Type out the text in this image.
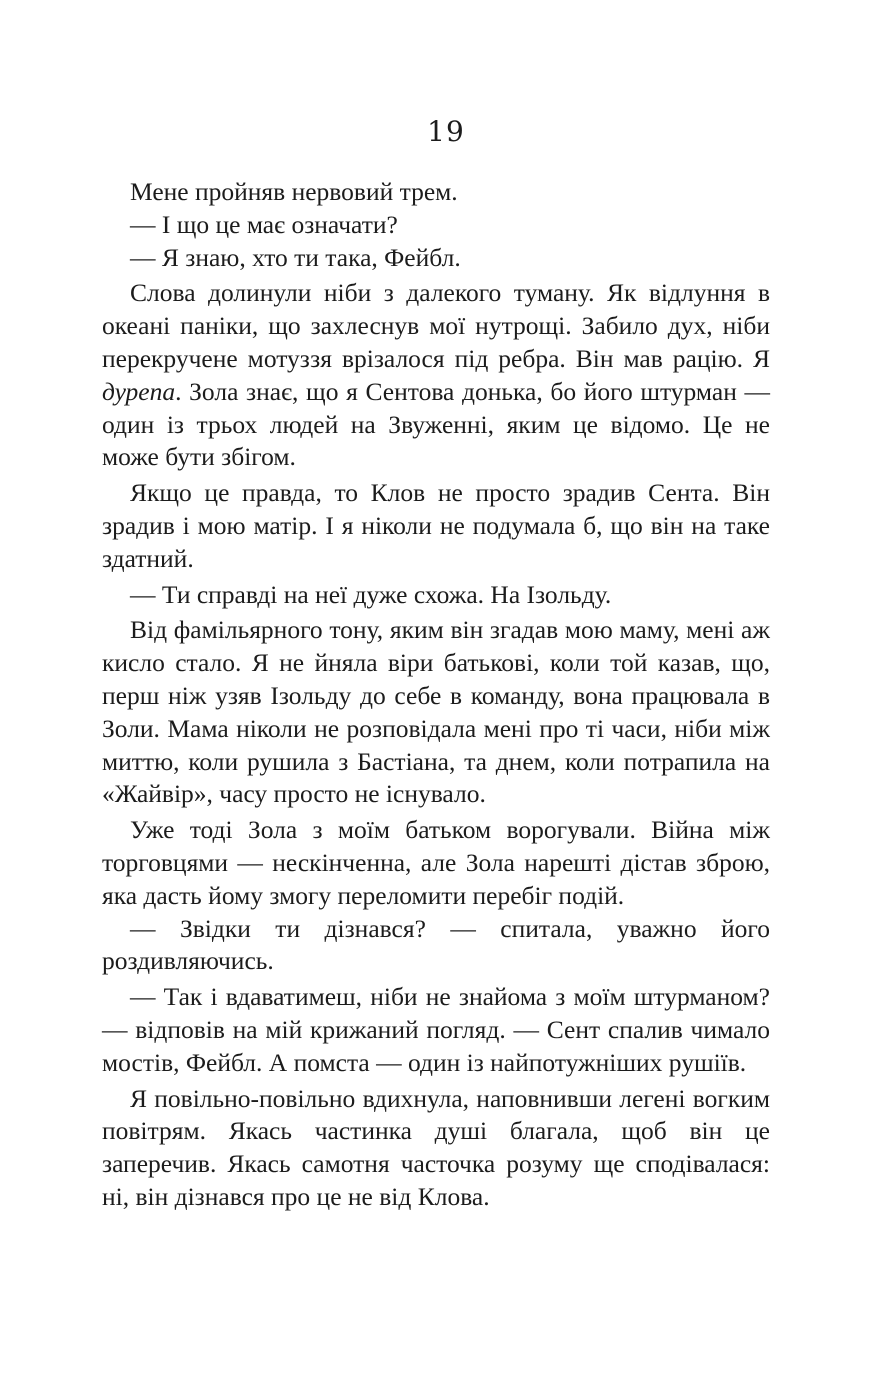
19

Мене пройняв нервовий трем.

— І що це має означати?

— Я знаю, хто ти така, Фейбл.

Слова долинули ніби з далекого туману. Як відлуння в океані паніки, що захлеснув мої нутрощі. Забило дух, ніби перекручене мотуззя врізалося під ребра. Він мав рацію. Я дурепа. Зола знає, що я Сентова донька, бо його штурман — один із трьох людей на Звуженні, яким це відомо. Це не може бути збігом.

Якщо це правда, то Клов не просто зрадив Сента. Він зрадив і мою матір. І я ніколи не подумала б, що він на таке здатний.

— Ти справді на неї дуже схожа. На Ізольду.

Від фамільярного тону, яким він згадав мою маму, мені аж кисло стало. Я не йняла віри батькові, коли той казав, що, перш ніж узяв Ізольду до себе в команду, вона працювала в Золи. Мама ніколи не розповідала мені про ті часи, ніби між миттю, коли рушила з Бастіана, та днем, коли потрапила на «Жайвір», часу просто не існувало.

Уже тоді Зола з моїм батьком ворогували. Війна між торговцями — нескінченна, але Зола нарешті дістав зброю, яка дасть йому змогу переломити перебіг подій.

— Звідки ти дізнався? — спитала, уважно його роздивляючись.

— Так і вдаватимеш, ніби не знайома з моїм штурманом? — відповів на мій крижаний погляд. — Сент спалив чимало мостів, Фейбл. А помста — один із найпотужніших рушіїв.

Я повільно-повільно вдихнула, наповнивши легені вогким повітрям. Якась частинка душі благала, щоб він це заперечив. Якась самотня часточка розуму ще сподівалася: ні, він дізнався про це не від Клова.
